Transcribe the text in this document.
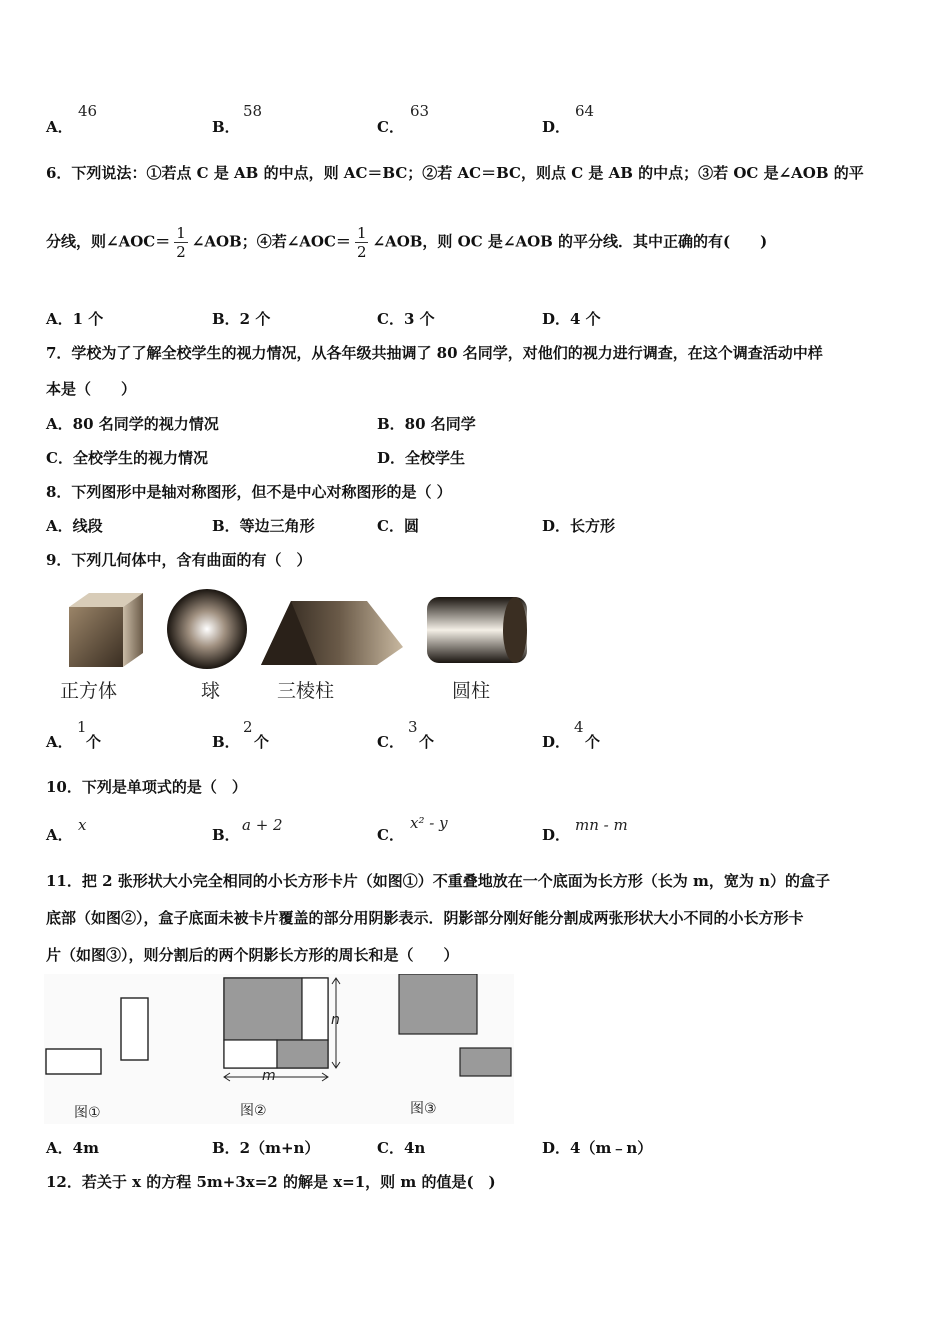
A．
46
B．
58
C．
63
D．
64
6．下列说法：①若点 C 是 AB 的中点，则 AC＝BC；②若 AC＝BC，则点 C 是 AB 的中点；③若 OC 是∠AOB 的平
分线，则∠AOC＝ $\frac{1}{2}$ ∠AOB；④若∠AOC＝ $\frac{1}{2}$ ∠AOB，则 OC 是∠AOB 的平分线．其中正确的有(　　)
A．1 个	B．2 个	C．3 个	D．4 个
7．学校为了了解全校学生的视力情况，从各年级共抽调了 80 名同学，对他们的视力进行调查，在这个调查活动中样
本是（　　）
A．80 名同学的视力情况	B．80 名同学
C．全校学生的视力情况	D．全校学生
8．下列图形中是轴对称图形，但不是中心对称图形的是（ ）
A．线段	B．等边三角形	C．圆	D．长方形
9．下列几何体中，含有曲面的有（　）
正方体	球	三棱柱	圆柱
A．
1
个	B．
2
个	C．
3
个	D．
4
个
10．下列是单项式的是（　）
A．
x
B．
a + 2
C．
x² - y
D．
mn - m
11．把 2 张形状大小完全相同的小长方形卡片（如图①）不重叠地放在一个底面为长方形（长为 m，宽为 n）的盒子
底部（如图②），盒子底面未被卡片覆盖的部分用阴影表示．阴影部分刚好能分割成两张形状大小不同的小长方形卡
片（如图③），则分割后的两个阴影长方形的周长和是（　　）
m
n
图①	图②	图③
A．4m	B．2（m+n）	C．4n	D．4（m﹣n）
12．若关于 x 的方程 5m+3x=2 的解是 x=1，则 m 的值是(　)
